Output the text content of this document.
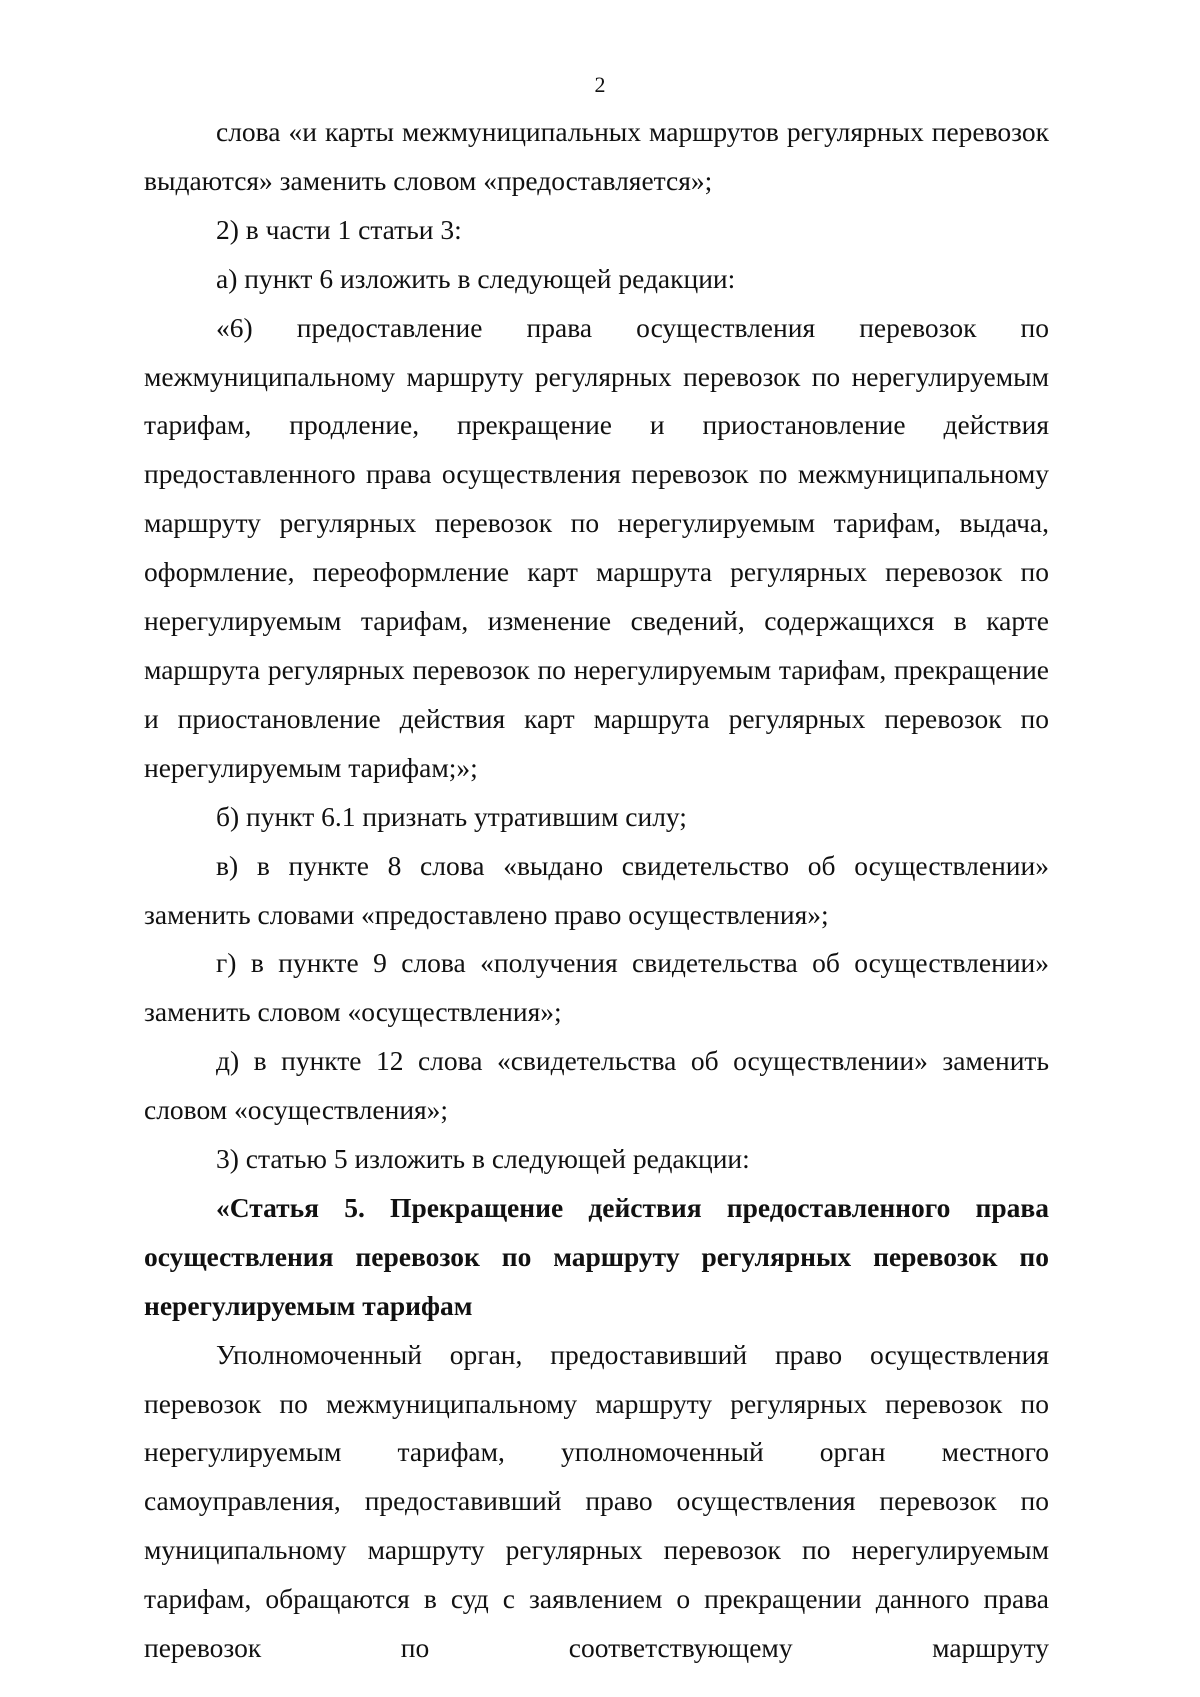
2

слова «и карты межмуниципальных маршрутов регулярных перевозок выдаются» заменить словом «предоставляется»;

2) в части 1 статьи 3:

а) пункт 6 изложить в следующей редакции:

«6) предоставление права осуществления перевозок по межмуниципальному маршруту регулярных перевозок по нерегулируемым тарифам, продление, прекращение и приостановление действия предоставленного права осуществления перевозок по межмуниципальному маршруту регулярных перевозок по нерегулируемым тарифам, выдача, оформление, переоформление карт маршрута регулярных перевозок по нерегулируемым тарифам, изменение сведений, содержащихся в карте маршрута регулярных перевозок по нерегулируемым тарифам, прекращение и приостановление действия карт маршрута регулярных перевозок по нерегулируемым тарифам;»;

б) пункт 6.1 признать утратившим силу;

в) в пункте 8 слова «выдано свидетельство об осуществлении» заменить словами «предоставлено право осуществления»;

г) в пункте 9 слова «получения свидетельства об осуществлении» заменить словом «осуществления»;

д) в пункте 12 слова «свидетельства об осуществлении» заменить словом «осуществления»;

3) статью 5 изложить в следующей редакции:

«Статья 5. Прекращение действия предоставленного права осуществления перевозок по маршруту регулярных перевозок по нерегулируемым тарифам

Уполномоченный орган, предоставивший право осуществления перевозок по межмуниципальному маршруту регулярных перевозок по нерегулируемым тарифам, уполномоченный орган местного самоуправления, предоставивший право осуществления перевозок по муниципальному маршруту регулярных перевозок по нерегулируемым тарифам, обращаются в суд с заявлением о прекращении данного права перевозок по соответствующему маршруту
